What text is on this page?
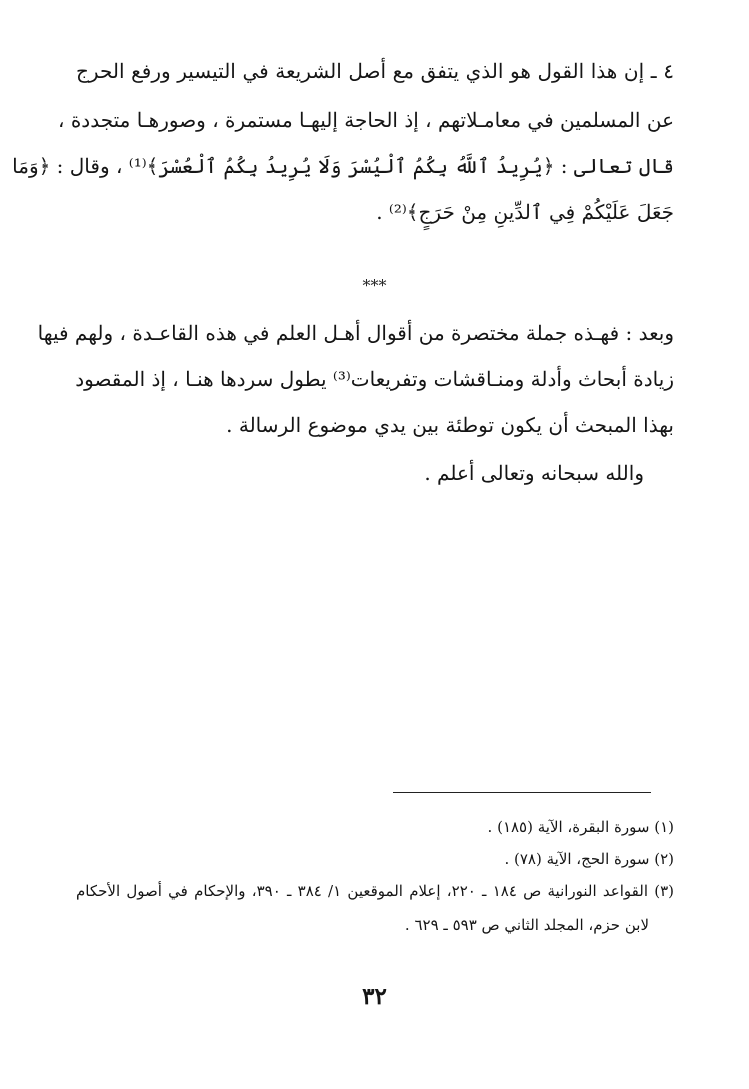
٤ ـ إن هذا القول هو الذي يتفق مع أصل الشريعة في التيسير ورفع الحرج
عن المسلمين في معامـلاتهم ، إذ الحاجة إليهـا مستمرة ، وصورهـا متجددة ،
قال تعالى : ﴿يُرِيدُ ٱللَّهُ بِكُمُ ٱلْيُسْرَ وَلَا يُرِيدُ بِكُمُ ٱلْعُسْرَ﴾⁽¹⁾ ، وقال : ﴿وَمَا
جَعَلَ عَلَيْكُمْ فِي ٱلدِّينِ مِنْ حَرَجٍ﴾⁽²⁾ .
***
وبعد : فهـذه جملة مختصرة من أقوال أهـل العلم في هذه القاعـدة ، ولهم فيها
زيادة أبحاث وأدلة ومنـاقشات وتفريعات⁽³⁾ يطول سردها هنـا ، إذ المقصود
بهذا المبحث أن يكون توطئة بين يدي موضوع الرسالة .
والله سبحانه وتعالى أعلم .
(١) سورة البقرة، الآية (١٨٥) .
(٢) سورة الحج، الآية (٧٨) .
(٣) القواعد النورانية ص ١٨٤ ـ ٢٢٠، إعلام الموقعين ١/ ٣٨٤ ـ ٣٩٠، والإحكام في أصول الأحكام
لابن حزم، المجلد الثاني ص ٥٩٣ ـ ٦٢٩ .
٣٢
